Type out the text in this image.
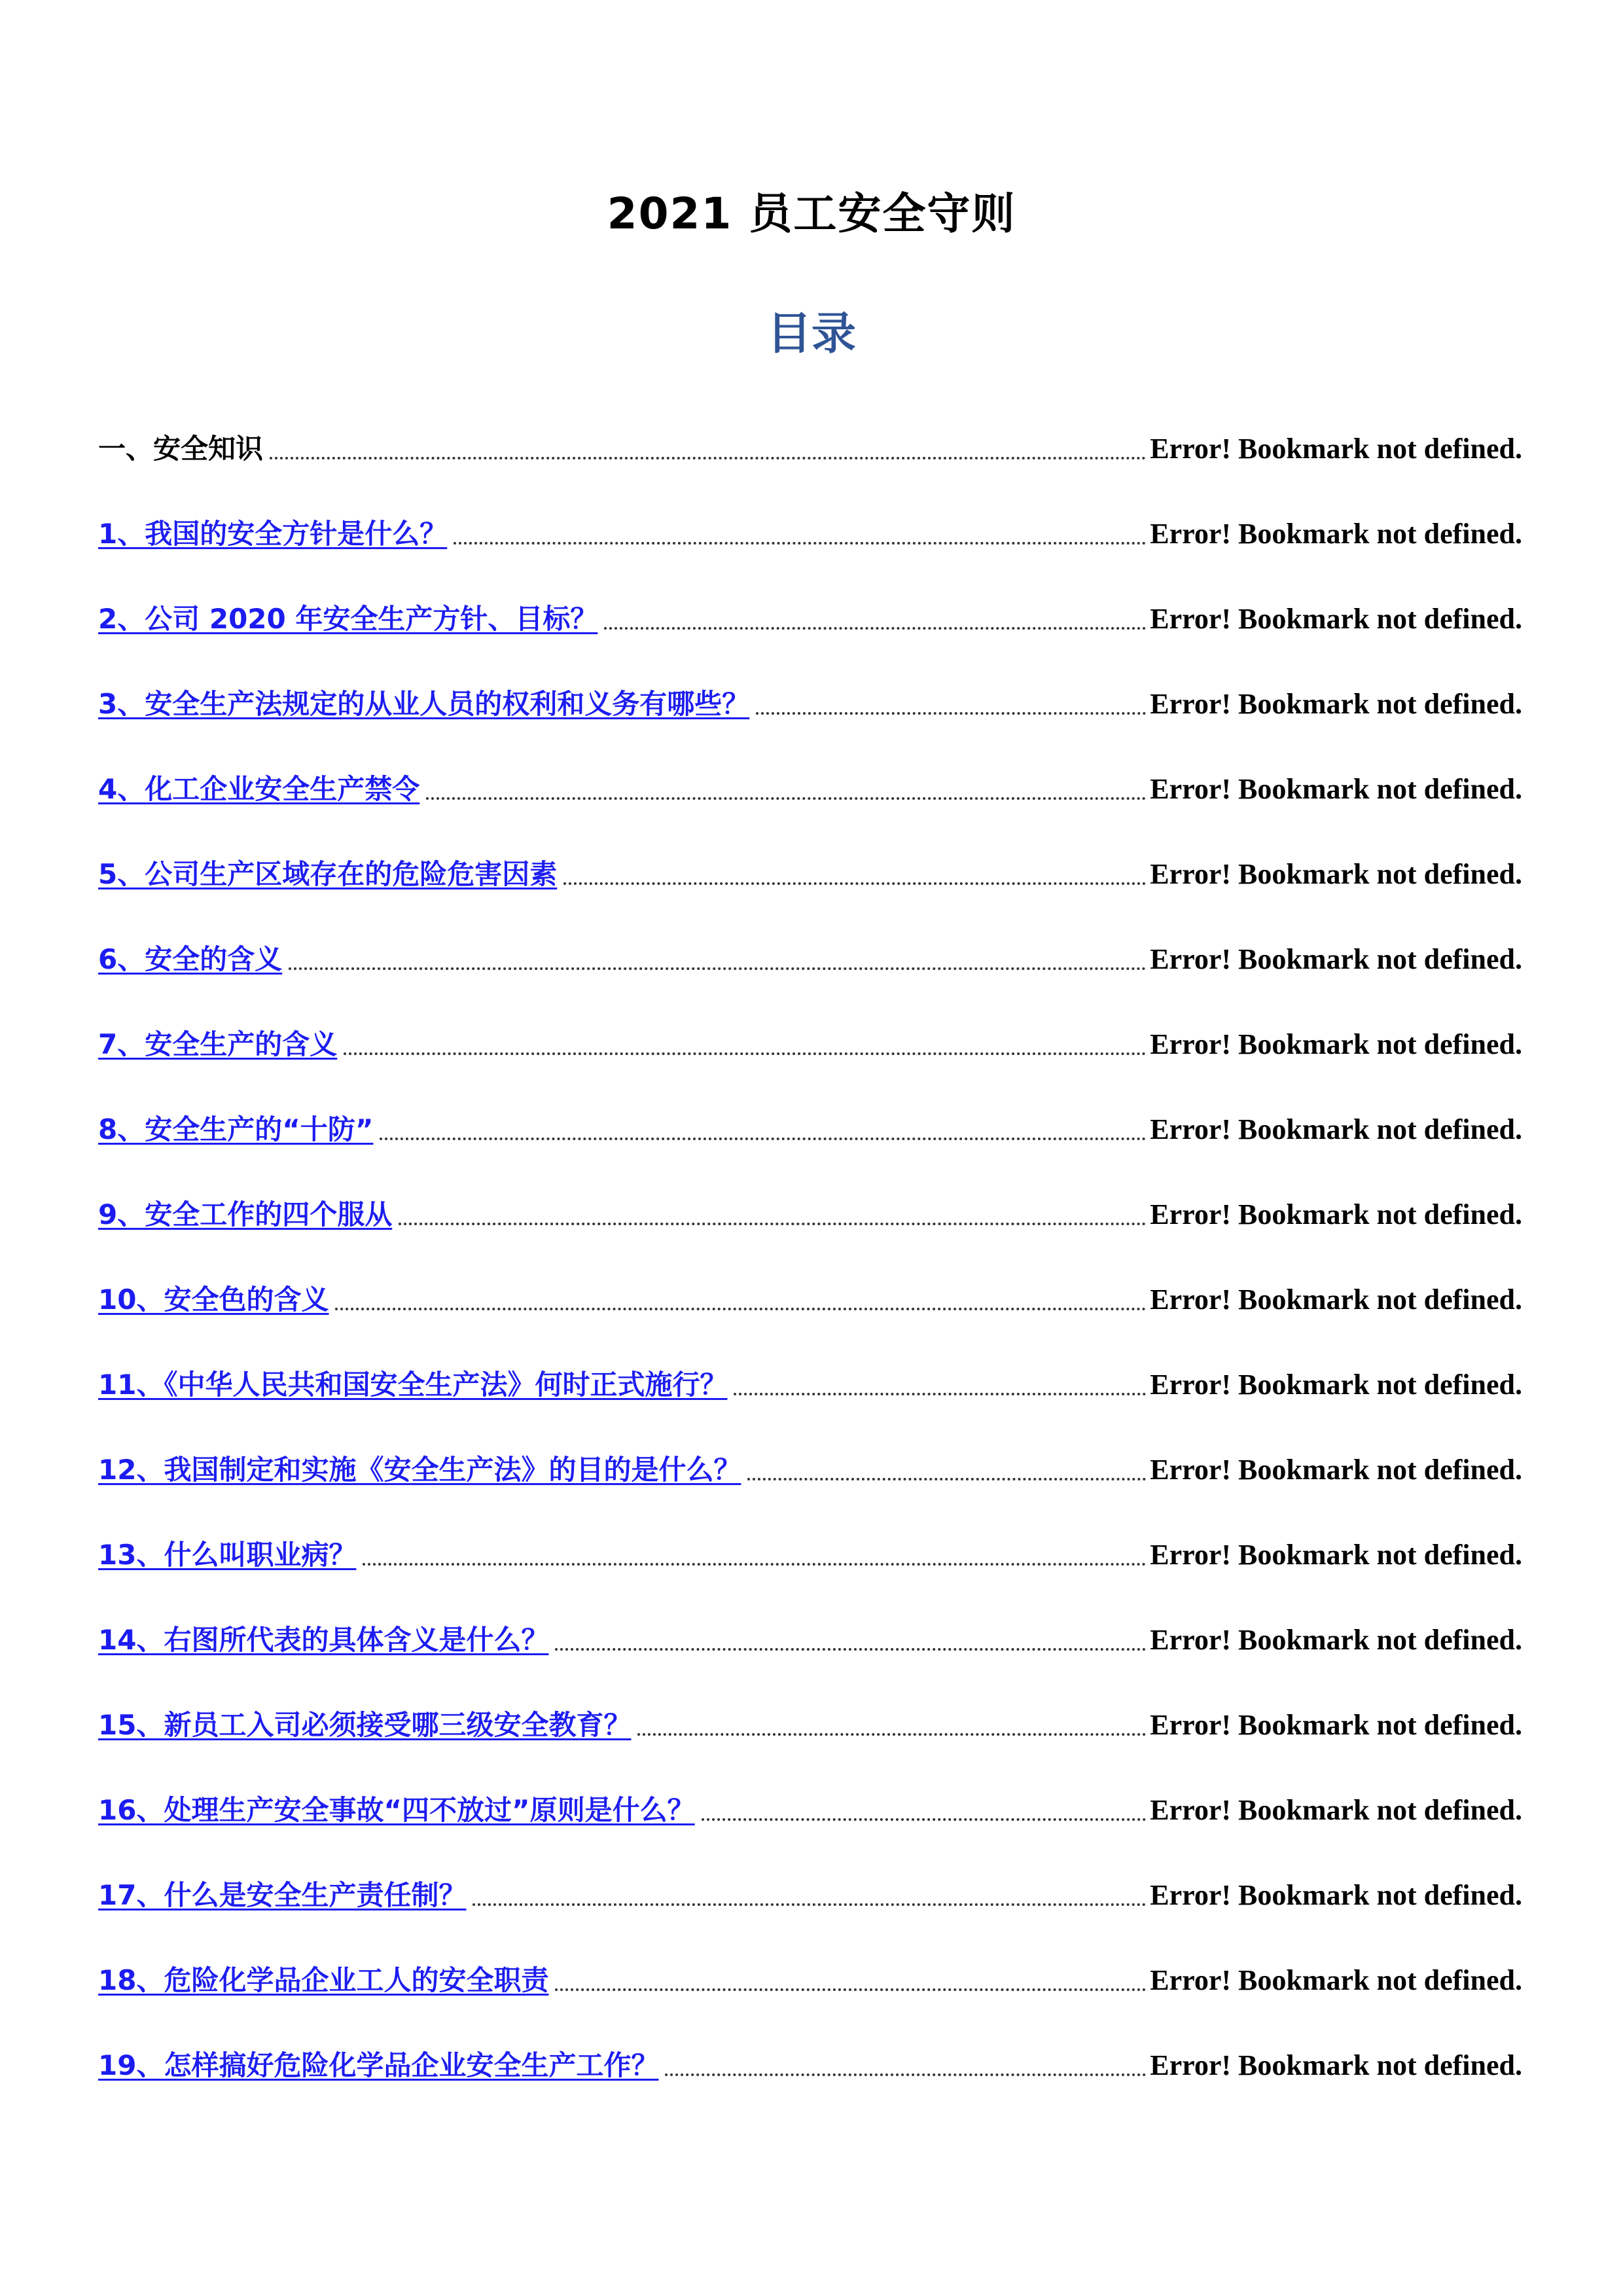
2021 员工安全守则
目录
一、安全知识	Error! Bookmark not defined.
1、我国的安全方针是什么？	Error! Bookmark not defined.
2、公司 2020 年安全生产方针、目标？	Error! Bookmark not defined.
3、安全生产法规定的从业人员的权利和义务有哪些？	Error! Bookmark not defined.
4、化工企业安全生产禁令	Error! Bookmark not defined.
5、公司生产区域存在的危险危害因素	Error! Bookmark not defined.
6、安全的含义	Error! Bookmark not defined.
7、安全生产的含义	Error! Bookmark not defined.
8、安全生产的“十防”	Error! Bookmark not defined.
9、安全工作的四个服从	Error! Bookmark not defined.
10、安全色的含义	Error! Bookmark not defined.
11、《中华人民共和国安全生产法》何时正式施行？	Error! Bookmark not defined.
12、我国制定和实施《安全生产法》的目的是什么？	Error! Bookmark not defined.
13、什么叫职业病？	Error! Bookmark not defined.
14、右图所代表的具体含义是什么？	Error! Bookmark not defined.
15、新员工入司必须接受哪三级安全教育？	Error! Bookmark not defined.
16、处理生产安全事故“四不放过”原则是什么？	Error! Bookmark not defined.
17、什么是安全生产责任制？	Error! Bookmark not defined.
18、危险化学品企业工人的安全职责	Error! Bookmark not defined.
19、怎样搞好危险化学品企业安全生产工作？	Error! Bookmark not defined.
